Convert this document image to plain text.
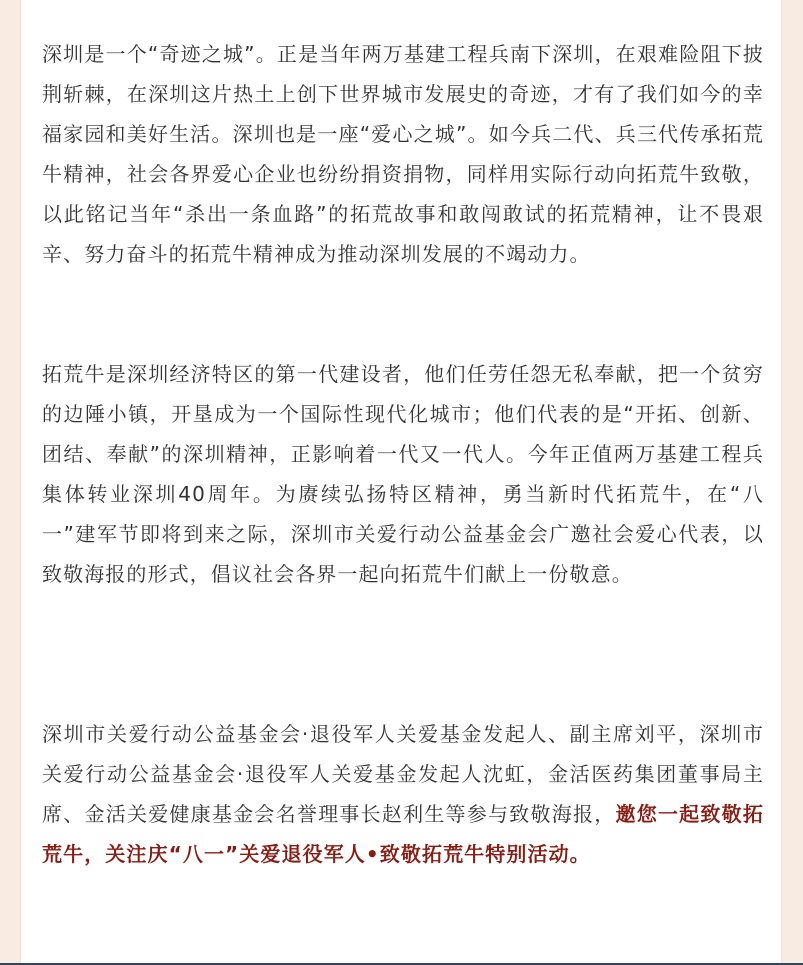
深圳是一个“奇迹之城”。正是当年两万基建工程兵南下深圳，在艰难险阻下披荆斩棘，在深圳这片热土上创下世界城市发展史的奇迹，才有了我们如今的幸福家园和美好生活。深圳也是一座“爱心之城”。如今兵二代、兵三代传承拓荒牛精神，社会各界爱心企业也纷纷捐资捐物，同样用实际行动向拓荒牛致敬，以此铭记当年“杀出一条血路”的拓荒故事和敢闯敢试的拓荒精神，让不畏艰辛、努力奋斗的拓荒牛精神成为推动深圳发展的不竭动力。

拓荒牛是深圳经济特区的第一代建设者，他们任劳任怨无私奉献，把一个贫穷的边陲小镇，开垦成为一个国际性现代化城市；他们代表的是“开拓、创新、团结、奉献”的深圳精神，正影响着一代又一代人。今年正值两万基建工程兵集体转业深圳40周年。为赓续弘扬特区精神，勇当新时代拓荒牛，在“八一”建军节即将到来之际，深圳市关爱行动公益基金会广邀社会爱心代表，以致敬海报的形式，倡议社会各界一起向拓荒牛们献上一份敬意。

深圳市关爱行动公益基金会·退役军人关爱基金发起人、副主席刘平，深圳市关爱行动公益基金会·退役军人关爱基金发起人沈虹，金活医药集团董事局主席、金活关爱健康基金会名誉理事长赵利生等参与致敬海报，邀您一起致敬拓荒牛，关注庆“八一”关爱退役军人•致敬拓荒牛特别活动。
